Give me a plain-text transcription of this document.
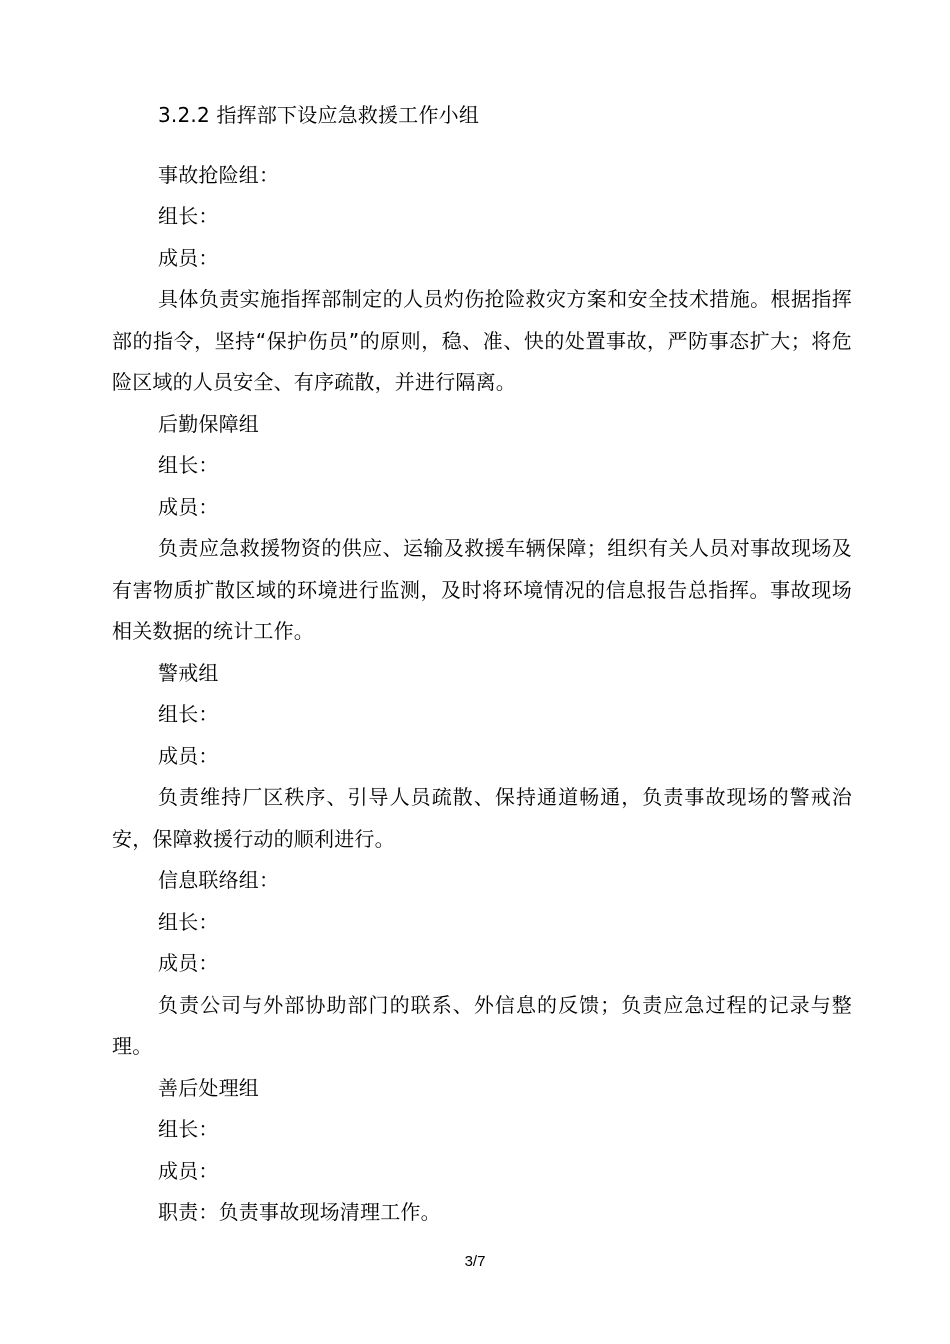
3.2.2 指挥部下设应急救援工作小组

事故抢险组：

组长：

成员：

具体负责实施指挥部制定的人员灼伤抢险救灾方案和安全技术措施。根据指挥部的指令，坚持“保护伤员”的原则，稳、准、快的处置事故，严防事态扩大；将危险区域的人员安全、有序疏散，并进行隔离。

后勤保障组

组长：

成员：

负责应急救援物资的供应、运输及救援车辆保障；组织有关人员对事故现场及有害物质扩散区域的环境进行监测，及时将环境情况的信息报告总指挥。事故现场相关数据的统计工作。

警戒组

组长：

成员：

负责维持厂区秩序、引导人员疏散、保持通道畅通，负责事故现场的警戒治安，保障救援行动的顺利进行。

信息联络组：

组长：

成员：

负责公司与外部协助部门的联系、外信息的反馈；负责应急过程的记录与整理。

善后处理组

组长：

成员：

职责：负责事故现场清理工作。

3/7
